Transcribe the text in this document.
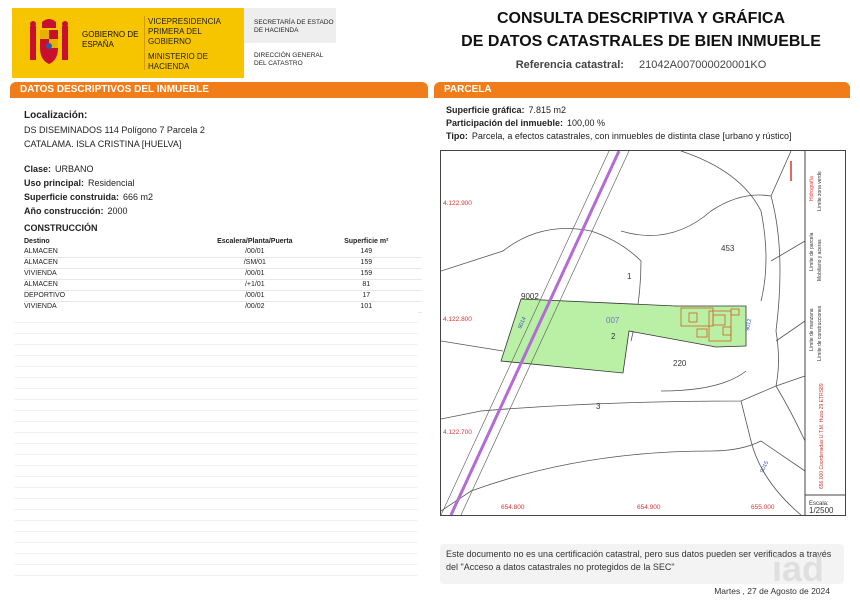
GOBIERNO DE ESPAÑA
VICEPRESIDENCIA PRIMERA DEL GOBIERNO
MINISTERIO DE HACIENDA
SECRETARÍA DE ESTADO DE HACIENDA
DIRECCIÓN GENERAL DEL CATASTRO
CONSULTA DESCRIPTIVA Y GRÁFICA
DE DATOS CATASTRALES DE BIEN INMUEBLE
Referencia catastral: 21042A007000020001KO
DATOS DESCRIPTIVOS DEL INMUEBLE	PARCELA
Localización:
DS DISEMINADOS 114 Polígono 7 Parcela 2
CATALAMA. ISLA CRISTINA [HUELVA]
Clase: URBANO
Uso principal: Residencial
Superficie construida: 666 m2
Año construcción: 2000
CONSTRUCCIÓN
Destino	Escalera/Planta/Puerta	Superficie m²
ALMACEN	/00/01	149
ALMACEN	/SM/01	159
VIVIENDA	/00/01	159
ALMACEN	/+1/01	81
DEPORTIVO	/00/01	17
VIVIENDA	/00/02	101
Superficie gráfica: 7.815 m2
Participación del inmueble: 100,00 %
Tipo: Parcela, a efectos catastrales, con inmuebles de distinta clase [urbano y rústico]
Hidrografía Límite zona verde
Límite de parcela Mobiliario y aceras
Límite de manzana Límite de construcciones
656.000 Coordenadas U.T.M. Huso 29 ETRS89
Escala:
1/2500
4.122.900
4.122.800
4.122.700
654.800	654.900	655.000
453
1
9002
007
2
220
3
9014	9012
9015
Este documento no es una certificación catastral, pero sus datos pueden ser verificados a través del "Acceso a datos catastrales no protegidos de la SEC"	iad
Martes , 27 de Agosto de 2024
